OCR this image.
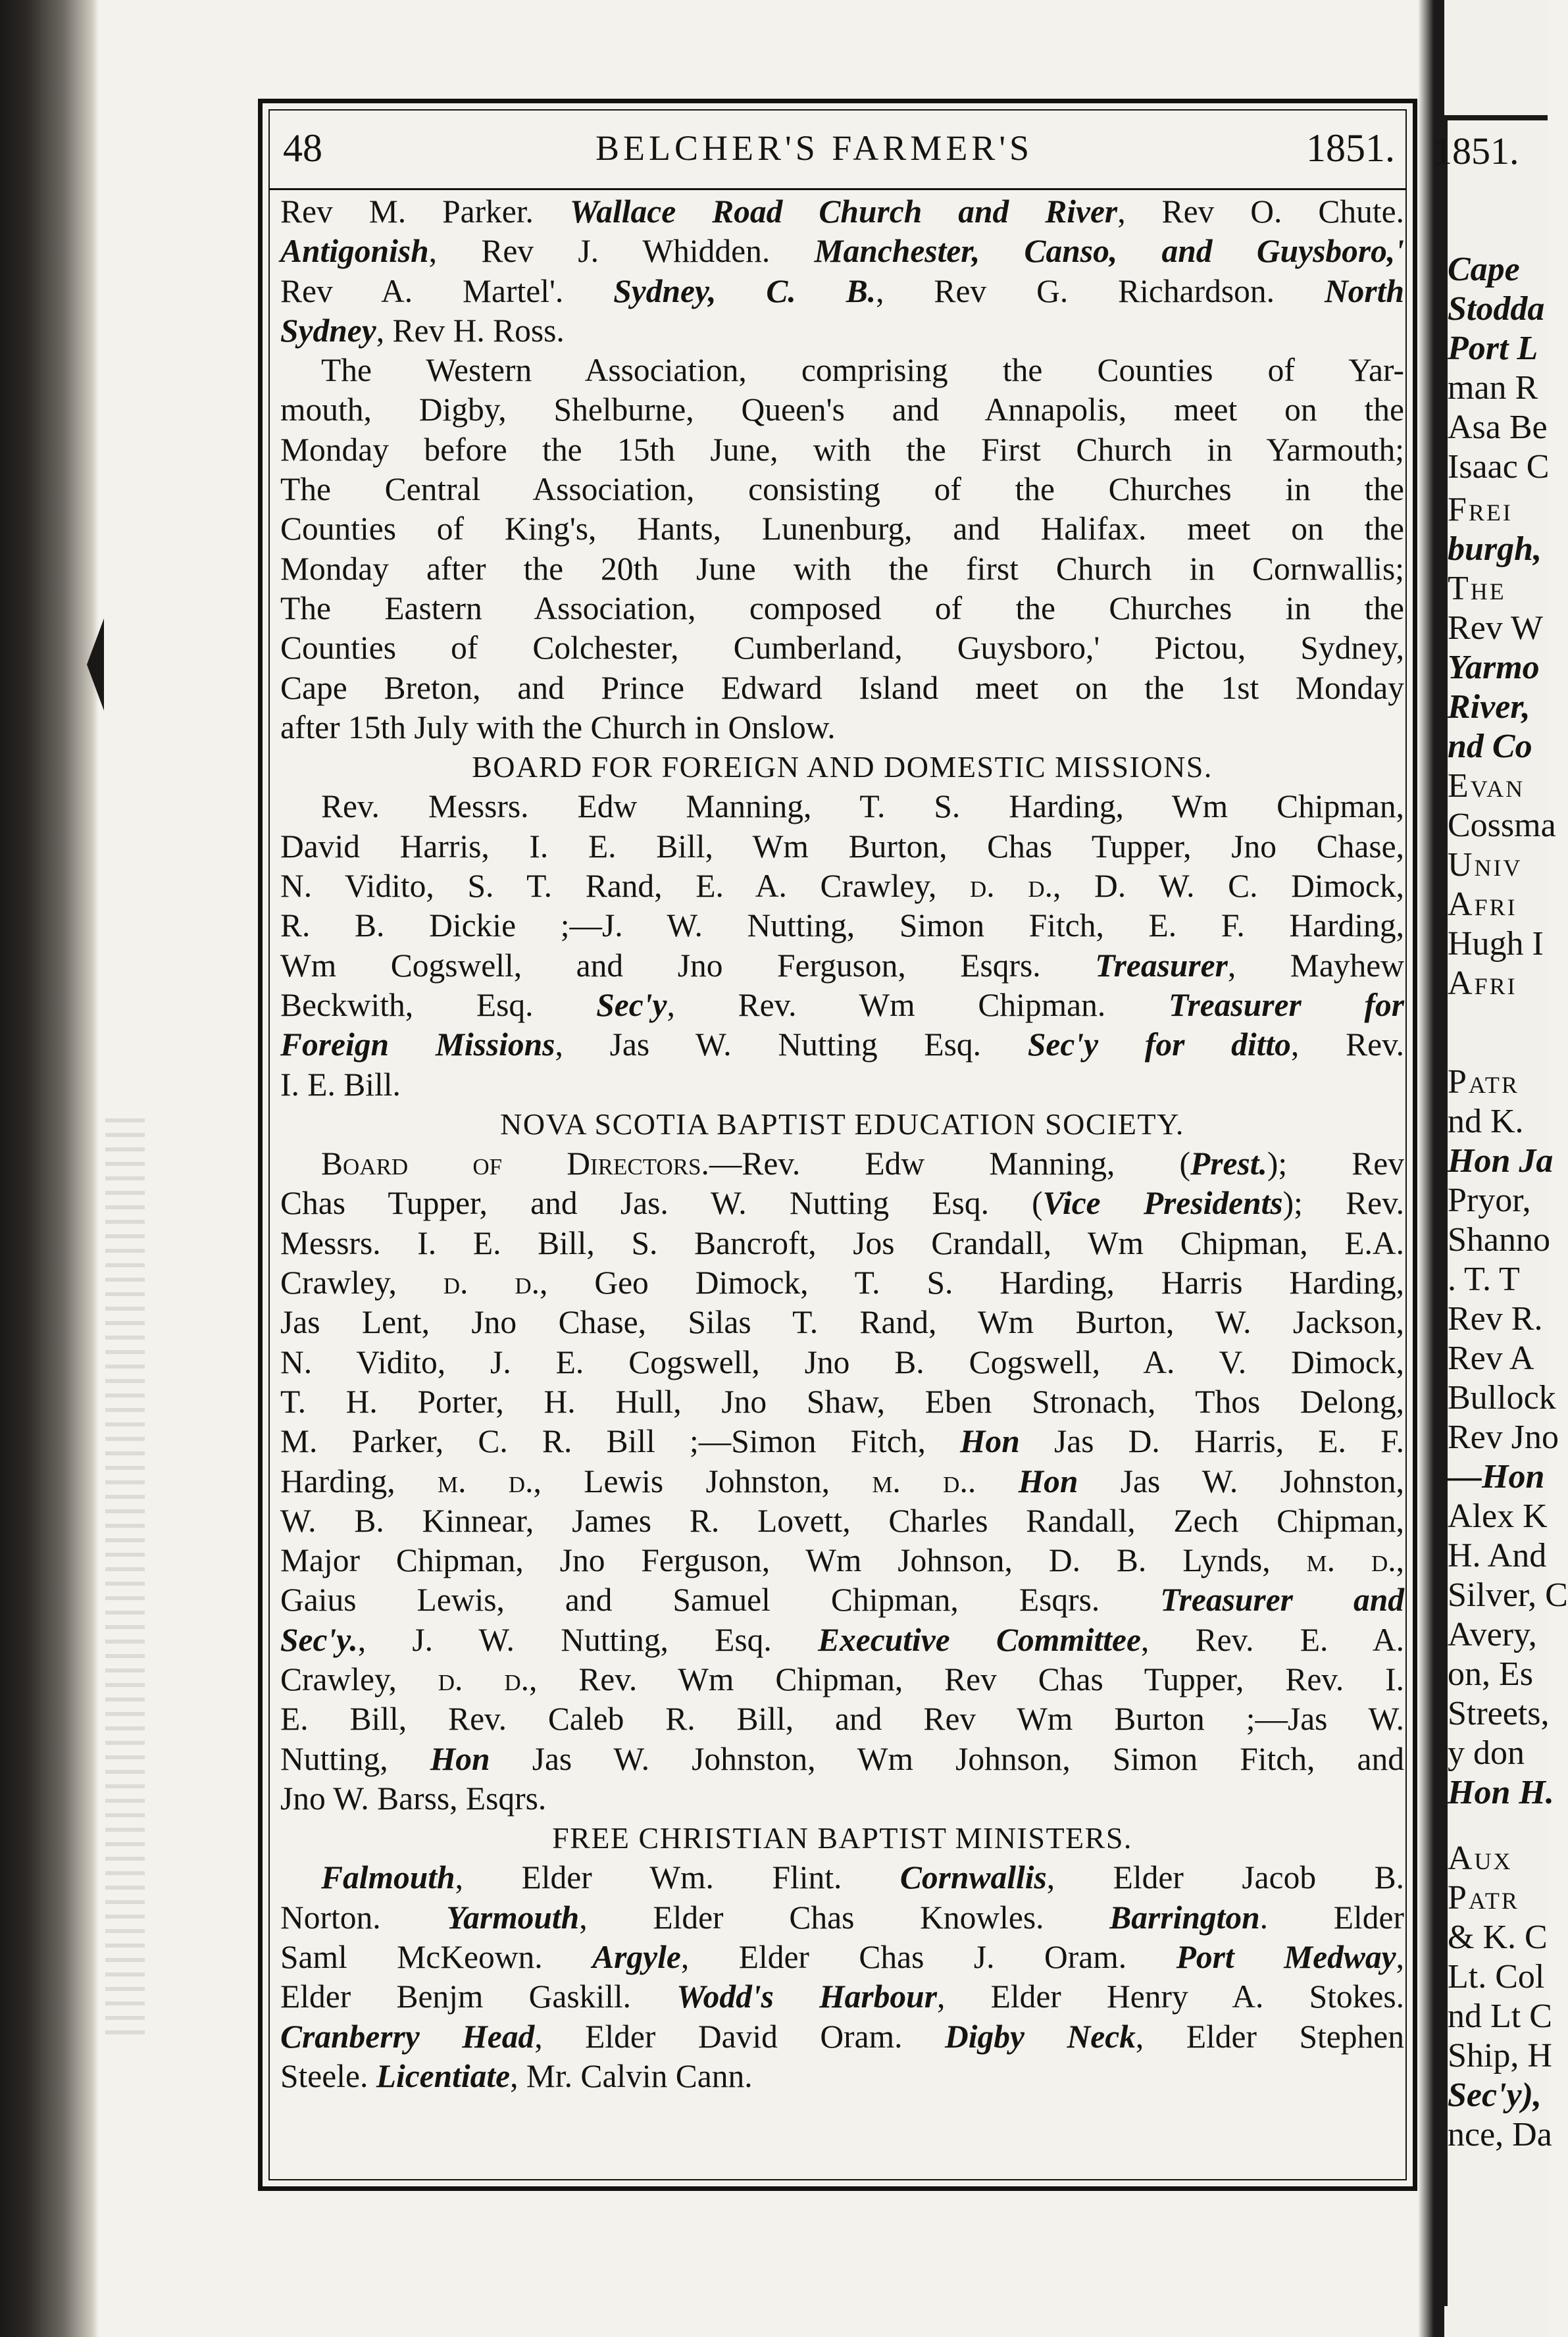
1851.
Cape
Stodda
Port L
man R
Asa Be
Isaac C
Frei
burgh,
The
Rev W
Yarmo
River,
nd Co
Evan
Cossma
Univ
Afri
Hugh I
Afri
Patr
nd K.
Hon Ja
Pryor,
Shanno
. T. T
Rev R.
Rev A
Bullock
Rev Jno
—Hon
Alex K
H. And
Silver, C
Avery,
on, Es
Streets,
y don
Hon H.
Aux
Patr
& K. C
Lt. Col
nd Lt C
Ship, H
Sec'y),
nce, Da
48	BELCHER'S FARMER'S	1851.
Rev M. Parker. Wallace Road Church and River, Rev O. Chute.
Antigonish, Rev J. Whidden. Manchester, Canso, and Guysboro,'
Rev A. Martel'. Sydney, C. B., Rev G. Richardson. North
Sydney, Rev H. Ross.
The Western Association, comprising the Counties of Yar-
mouth, Digby, Shelburne, Queen's and Annapolis, meet on the
Monday before the 15th June, with the First Church in Yarmouth;
The Central Association, consisting of the Churches in the
Counties of King's, Hants, Lunenburg, and Halifax. meet on the
Monday after the 20th June with the first Church in Cornwallis;
The Eastern Association, composed of the Churches in the
Counties of Colchester, Cumberland, Guysboro,' Pictou, Sydney,
Cape Breton, and Prince Edward Island meet on the 1st Monday
after 15th July with the Church in Onslow.
BOARD FOR FOREIGN AND DOMESTIC MISSIONS.
Rev. Messrs. Edw Manning, T. S. Harding, Wm Chipman,
David Harris, I. E. Bill, Wm Burton, Chas Tupper, Jno Chase,
N. Vidito, S. T. Rand, E. A. Crawley, d. d., D. W. C. Dimock,
R. B. Dickie ;—J. W. Nutting, Simon Fitch, E. F. Harding,
Wm Cogswell, and Jno Ferguson, Esqrs. Treasurer, Mayhew
Beckwith, Esq. Sec'y, Rev. Wm Chipman. Treasurer for
Foreign Missions, Jas W. Nutting Esq. Sec'y for ditto, Rev.
I. E. Bill.
NOVA SCOTIA BAPTIST EDUCATION SOCIETY.
Board of Directors.—Rev. Edw Manning, (Prest.); Rev
Chas Tupper, and Jas. W. Nutting Esq. (Vice Presidents); Rev.
Messrs. I. E. Bill, S. Bancroft, Jos Crandall, Wm Chipman, E.A.
Crawley, d. d., Geo Dimock, T. S. Harding, Harris Harding,
Jas Lent, Jno Chase, Silas T. Rand, Wm Burton, W. Jackson,
N. Vidito, J. E. Cogswell, Jno B. Cogswell, A. V. Dimock,
T. H. Porter, H. Hull, Jno Shaw, Eben Stronach, Thos Delong,
M. Parker, C. R. Bill ;—Simon Fitch, Hon Jas D. Harris, E. F.
Harding, m. d., Lewis Johnston, m. d.. Hon Jas W. Johnston,
W. B. Kinnear, James R. Lovett, Charles Randall, Zech Chipman,
Major Chipman, Jno Ferguson, Wm Johnson, D. B. Lynds, m. d.,
Gaius Lewis, and Samuel Chipman, Esqrs. Treasurer and
Sec'y., J. W. Nutting, Esq. Executive Committee, Rev. E. A.
Crawley, d. d., Rev. Wm Chipman, Rev Chas Tupper, Rev. I.
E. Bill, Rev. Caleb R. Bill, and Rev Wm Burton ;—Jas W.
Nutting, Hon Jas W. Johnston, Wm Johnson, Simon Fitch, and
Jno W. Barss, Esqrs.
FREE CHRISTIAN BAPTIST MINISTERS.
Falmouth, Elder Wm. Flint. Cornwallis, Elder Jacob B.
Norton. Yarmouth, Elder Chas Knowles. Barrington. Elder
Saml McKeown. Argyle, Elder Chas J. Oram. Port Medway,
Elder Benjm Gaskill. Wodd's Harbour, Elder Henry A. Stokes.
Cranberry Head, Elder David Oram. Digby Neck, Elder Stephen
Steele. Licentiate, Mr. Calvin Cann.
